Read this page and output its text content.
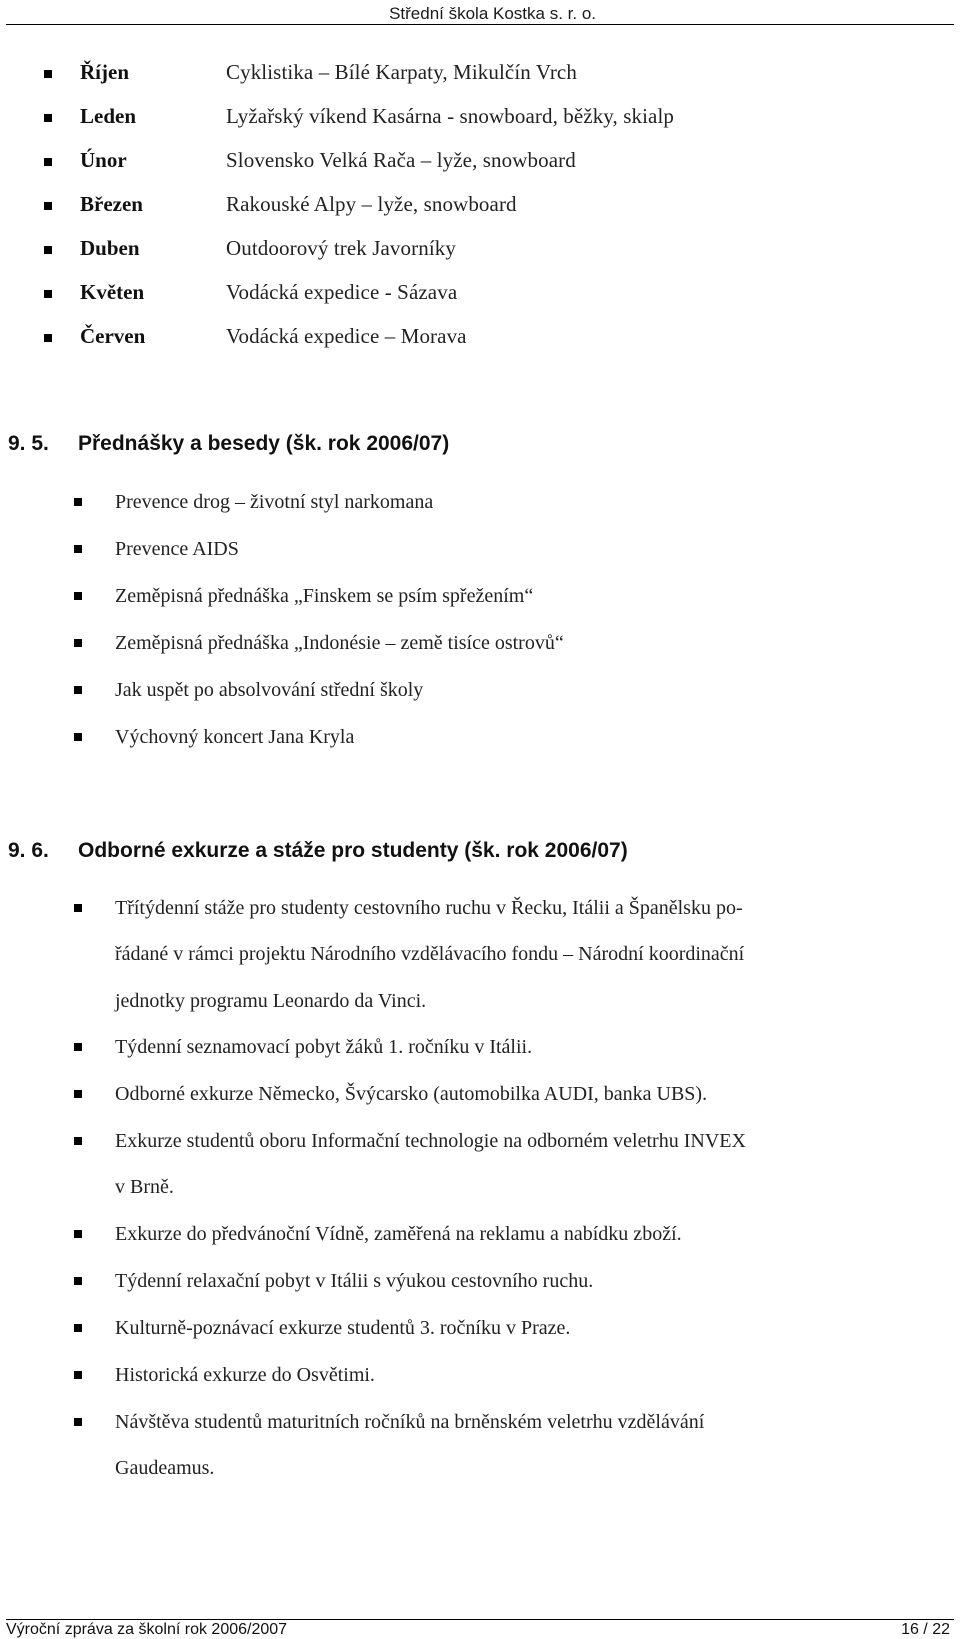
Střední škola Kostka s. r. o.
Říjen	Cyklistika – Bílé Karpaty, Mikulčín Vrch
Leden	Lyžařský víkend Kasárna - snowboard, běžky, skialp
Únor	Slovensko Velká Rača – lyže, snowboard
Březen	Rakouské Alpy – lyže, snowboard
Duben	Outdoorový trek Javorníky
Květen	Vodácká expedice - Sázava
Červen	Vodácká expedice – Morava
9. 5. Přednášky a besedy (šk. rok 2006/07)
Prevence drog – životní styl narkomana
Prevence AIDS
Zeměpisná přednáška „Finskem se psím spřežením“
Zeměpisná přednáška „Indonésie – země tisíce ostrovů“
Jak uspět po absolvování střední školy
Výchovný koncert Jana Kryla
9. 6. Odborné exkurze a stáže pro studenty (šk. rok 2006/07)
Třítýdenní stáže pro studenty cestovního ruchu v Řecku, Itálii a Španělsku po-
řádané v rámci projektu Národního vzdělávacího fondu – Národní koordinační
jednotky programu Leonardo da Vinci.
Týdenní seznamovací pobyt žáků 1. ročníku v Itálii.
Odborné exkurze Německo, Švýcarsko (automobilka AUDI, banka UBS).
Exkurze studentů oboru Informační technologie na odborném veletrhu INVEX
v Brně.
Exkurze do předvánoční Vídně, zaměřená na reklamu a nabídku zboží.
Týdenní relaxační pobyt v Itálii s výukou cestovního ruchu.
Kulturně-poznávací exkurze studentů 3. ročníku v Praze.
Historická exkurze do Osvětimi.
Návštěva studentů maturitních ročníků na brněnském veletrhu vzdělávání
Gaudeamus.
Výroční zpráva za školní rok 2006/2007	16 / 22
